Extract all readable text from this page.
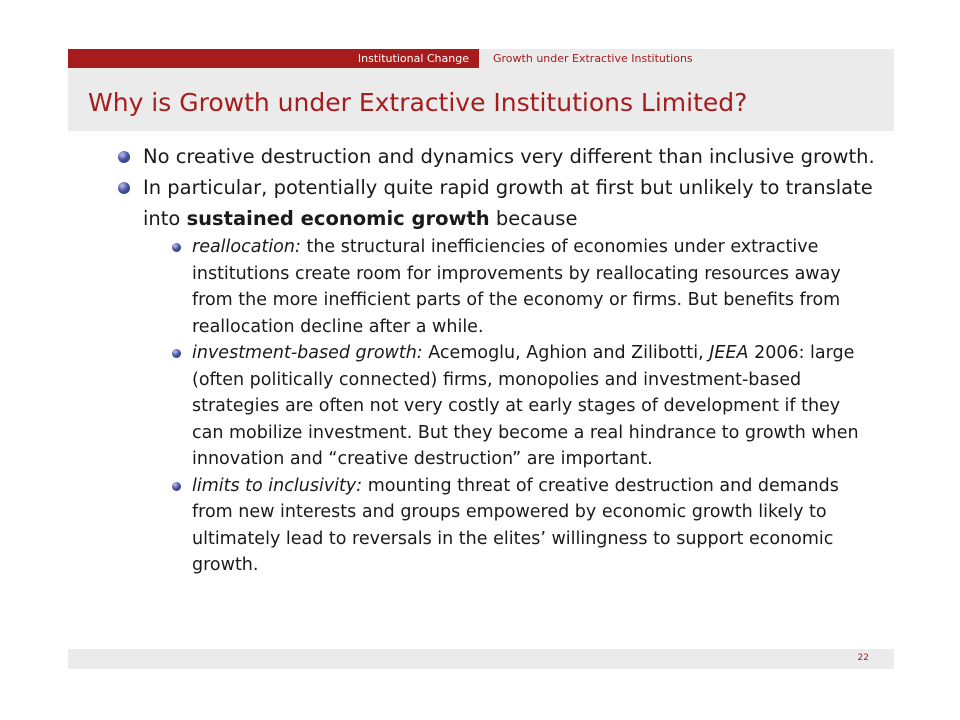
Institutional Change	Growth under Extractive Institutions
Why is Growth under Extractive Institutions Limited?
No creative destruction and dynamics very different than inclusive growth.
In particular, potentially quite rapid growth at first but unlikely to translate into sustained economic growth because
reallocation: the structural inefficiencies of economies under extractive institutions create room for improvements by reallocating resources away from the more inefficient parts of the economy or firms. But benefits from reallocation decline after a while.
investment-based growth: Acemoglu, Aghion and Zilibotti, JEEA 2006: large (often politically connected) firms, monopolies and investment-based strategies are often not very costly at early stages of development if they can mobilize investment. But they become a real hindrance to growth when innovation and “creative destruction” are important.
limits to inclusivity: mounting threat of creative destruction and demands from new interests and groups empowered by economic growth likely to ultimately lead to reversals in the elites’ willingness to support economic growth.
22
